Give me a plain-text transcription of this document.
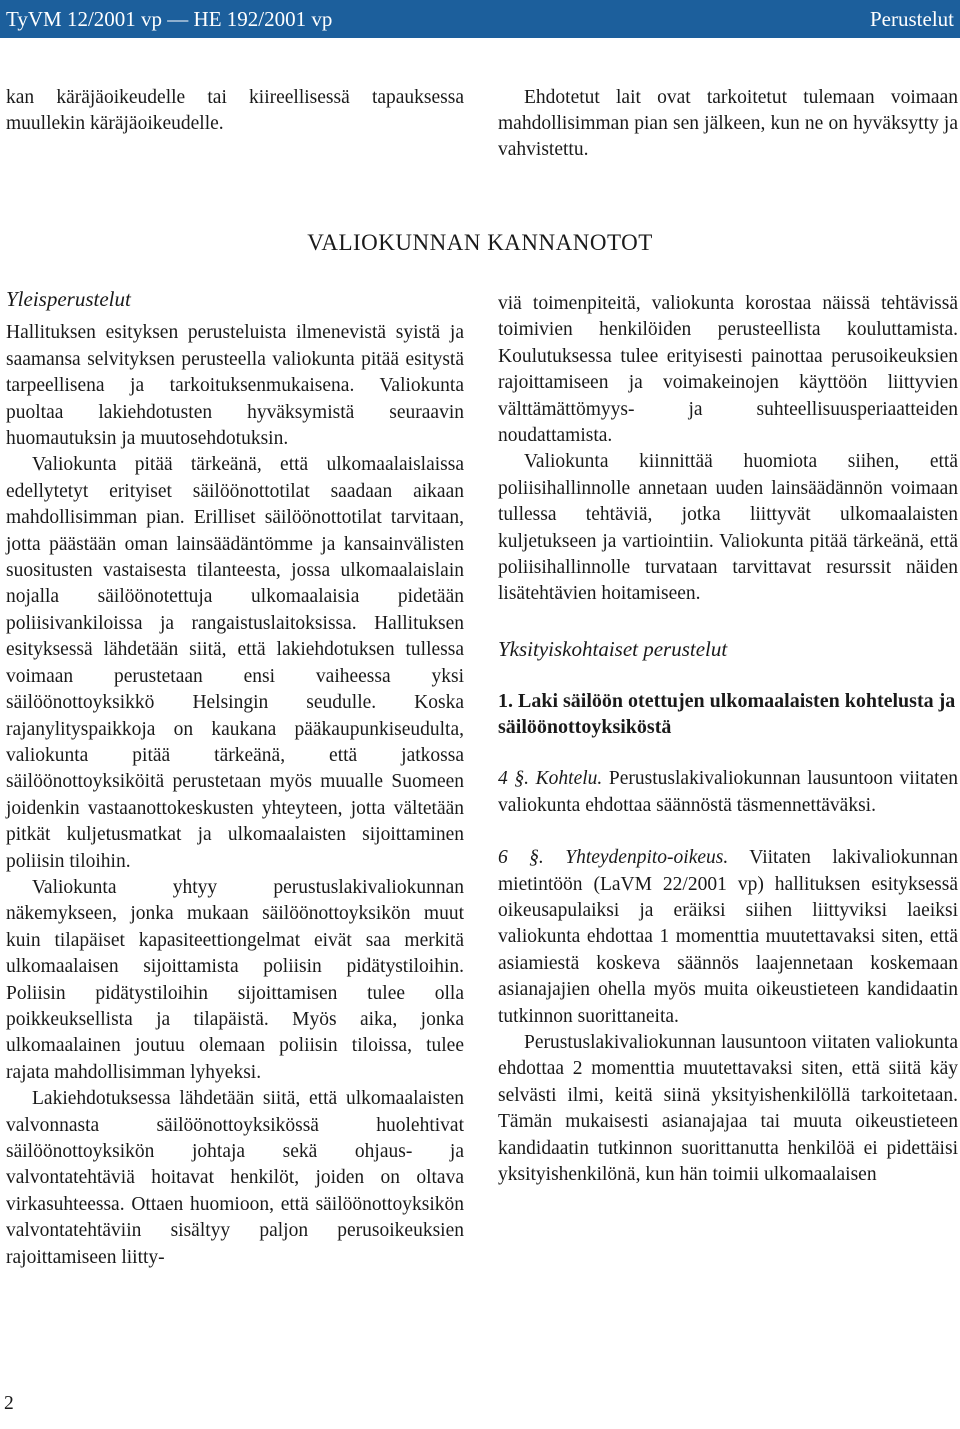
TyVM 12/2001 vp — HE 192/2001 vp	Perustelut

kan käräjäoikeudelle tai kiireellisessä tapauksessa muullekin käräjäoikeudelle.

Ehdotetut lait ovat tarkoitetut tulemaan voimaan mahdollisimman pian sen jälkeen, kun ne on hyväksytty ja vahvistettu.

VALIOKUNNAN KANNANOTOT
Yleisperustelut

Hallituksen esityksen perusteluista ilmenevistä syistä ja saamansa selvityksen perusteella valiokunta pitää esitystä tarpeellisena ja tarkoituksenmukaisena. Valiokunta puoltaa lakiehdotusten hyväksymistä seuraavin huomautuksin ja muutosehdotuksin.

Valiokunta pitää tärkeänä, että ulkomaalaislaissa edellytetyt erityiset säilöönottotilat saadaan aikaan mahdollisimman pian. Erilliset säilöönottotilat tarvitaan, jotta päästään oman lainsäädäntömme ja kansainvälisten suositusten vastaisesta tilanteesta, jossa ulkomaalaislain nojalla säilöönotettuja ulkomaalaisia pidetään poliisivankiloissa ja rangaistuslaitoksissa. Hallituksen esityksessä lähdetään siitä, että lakiehdotuksen tullessa voimaan perustetaan ensi vaiheessa yksi säilöönottoyksikkö Helsingin seudulle. Koska rajanylityspaikkoja on kaukana pääkaupunkiseudulta, valiokunta pitää tärkeänä, että jatkossa säilöönottoyksiköitä perustetaan myös muualle Suomeen joidenkin vastaanottokeskusten yhteyteen, jotta vältetään pitkät kuljetusmatkat ja ulkomaalaisten sijoittaminen poliisin tiloihin.

Valiokunta yhtyy perustuslakivaliokunnan näkemykseen, jonka mukaan säilöönottoyksikön muut kuin tilapäiset kapasiteettiongelmat eivät saa merkitä ulkomaalaisen sijoittamista poliisin pidätystiloihin. Poliisin pidätystiloihin sijoittamisen tulee olla poikkeuksellista ja tilapäistä. Myös aika, jonka ulkomaalainen joutuu olemaan poliisin tiloissa, tulee rajata mahdollisimman lyhyeksi.

Lakiehdotuksessa lähdetään siitä, että ulkomaalaisten valvonnasta säilöönottoyksikössä huolehtivat säilöönottoyksikön johtaja sekä ohjaus- ja valvontatehtäviä hoitavat henkilöt, joiden on oltava virkasuhteessa. Ottaen huomioon, että säilöönottoyksikön valvontatehtäviin sisältyy paljon perusoikeuksien rajoittamiseen liitty-

viä toimenpiteitä, valiokunta korostaa näissä tehtävissä toimivien henkilöiden perusteellista kouluttamista. Koulutuksessa tulee erityisesti painottaa perusoikeuksien rajoittamiseen ja voimakeinojen käyttöön liittyvien välttämättömyys- ja suhteellisuusperiaatteiden noudattamista.

Valiokunta kiinnittää huomiota siihen, että poliisihallinnolle annetaan uuden lainsäädännön voimaan tullessa tehtäviä, jotka liittyvät ulkomaalaisten kuljetukseen ja vartiointiin. Valiokunta pitää tärkeänä, että poliisihallinnolle turvataan tarvittavat resurssit näiden lisätehtävien hoitamiseen.

Yksityiskohtaiset perustelut
1. Laki säilöön otettujen ulkomaalaisten kohtelusta ja säilöönottoyksiköstä

4 §. Kohtelu. Perustuslakivaliokunnan lausuntoon viitaten valiokunta ehdottaa säännöstä täsmennettäväksi.

6 §. Yhteydenpito-oikeus. Viitaten lakivaliokunnan mietintöön (LaVM 22/2001 vp) hallituksen esityksessä oikeusapulaiksi ja eräiksi siihen liittyviksi laeiksi valiokunta ehdottaa 1 momenttia muutettavaksi siten, että asiamiestä koskeva säännös laajennetaan koskemaan asianajajien ohella myös muita oikeustieteen kandidaatin tutkinnon suorittaneita.

Perustuslakivaliokunnan lausuntoon viitaten valiokunta ehdottaa 2 momenttia muutettavaksi siten, että siitä käy selvästi ilmi, keitä siinä yksityishenkilöllä tarkoitetaan. Tämän mukaisesti asianajajaa tai muuta oikeustieteen kandidaatin tutkinnon suorittanutta henkilöä ei pidettäisi yksityishenkilönä, kun hän toimii ulkomaalaisen

2
